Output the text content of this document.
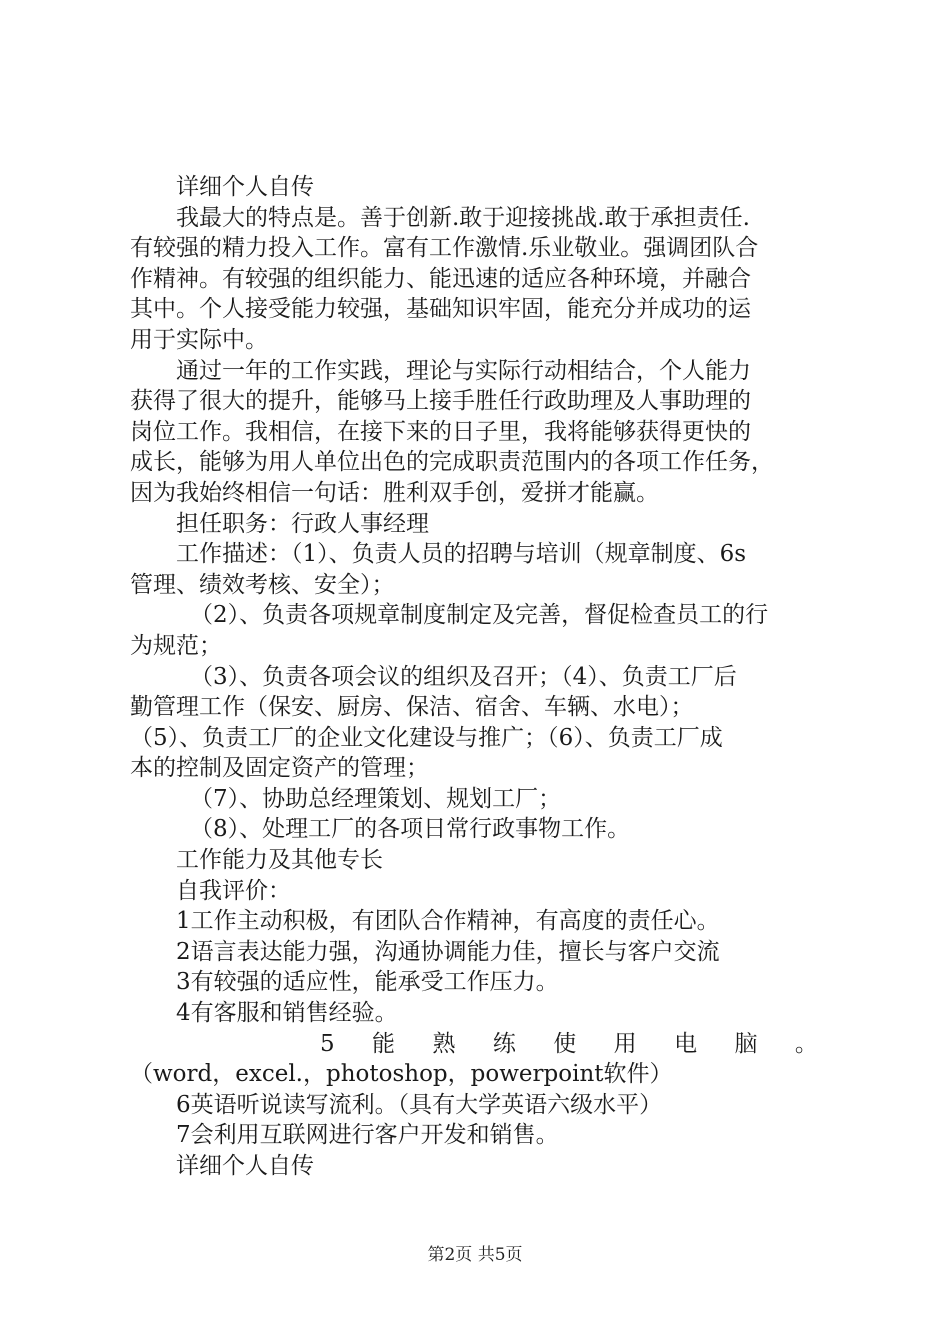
详细个人自传
我最大的特点是。善于创新.敢于迎接挑战.敢于承担责任.
有较强的精力投入工作。富有工作激情.乐业敬业。强调团队合
作精神。有较强的组织能力、能迅速的适应各种环境，并融合
其中。个人接受能力较强，基础知识牢固，能充分并成功的运
用于实际中。
通过一年的工作实践，理论与实际行动相结合，个人能力
获得了很大的提升，能够马上接手胜任行政助理及人事助理的
岗位工作。我相信，在接下来的日子里，我将能够获得更快的
成长，能够为用人单位出色的完成职责范围内的各项工作任务，
因为我始终相信一句话：胜利双手创，爱拼才能赢。
担任职务：行政人事经理
工作描述：（1）、负责人员的招聘与培训（规章制度、6s
管理、绩效考核、安全）；
（2）、负责各项规章制度制定及完善，督促检查员工的行
为规范；
（3）、负责各项会议的组织及召开；（4）、负责工厂后
勤管理工作（保安、厨房、保洁、宿舍、车辆、水电）；
（5）、负责工厂的企业文化建设与推广；（6）、负责工厂成
本的控制及固定资产的管理；
（7）、协助总经理策划、规划工厂；
（8）、处理工厂的各项日常行政事物工作。
工作能力及其他专长
自我评价：
1工作主动积极，有团队合作精神，有高度的责任心。
2语言表达能力强，沟通协调能力佳，擅长与客户交流
3有较强的适应性，能承受工作压力。
4有客服和销售经验。
5 能 熟 练 使 用 电 脑 。
（word，excel.，photoshop，powerpoint软件）
6英语听说读写流利。（具有大学英语六级水平）
7会利用互联网进行客户开发和销售。
详细个人自传
第2页 共5页
